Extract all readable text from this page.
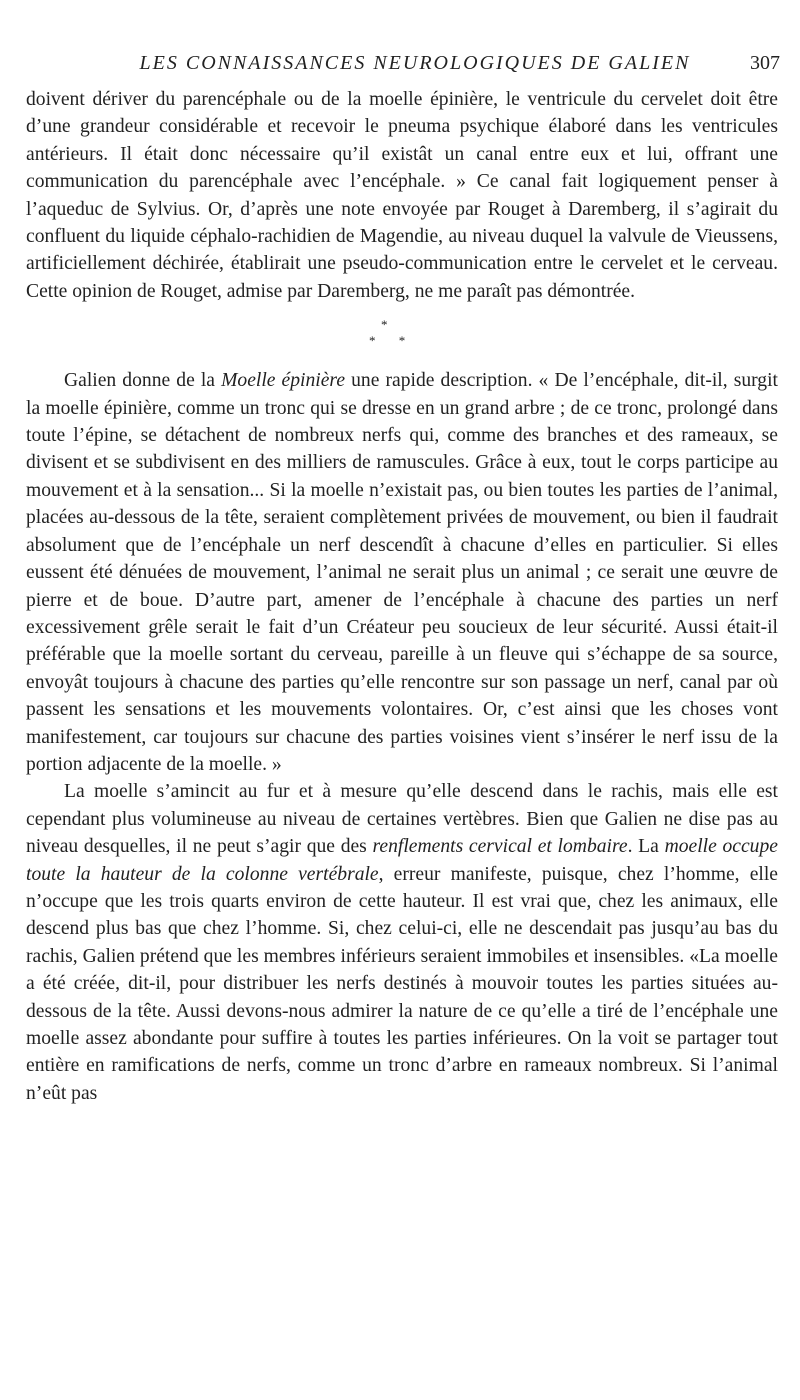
LES CONNAISSANCES NEUROLOGIQUES DE GALIEN	307

doivent dériver du parencéphale ou de la moelle épinière, le ventricule du cervelet doit être d’une grandeur considérable et recevoir le pneuma psychique élaboré dans les ventricules antérieurs. Il était donc nécessaire qu’il existât un canal entre eux et lui, offrant une communication du parencéphale avec l’encéphale. » Ce canal fait logiquement penser à l’aqueduc de Sylvius. Or, d’après une note envoyée par Rouget à Daremberg, il s’agirait du confluent du liquide céphalo-rachidien de Magendie, au niveau duquel la valvule de Vieussens, artificiellement déchirée, établirait une pseudo-communication entre le cervelet et le cerveau. Cette opinion de Rouget, admise par Daremberg, ne me paraît pas démontrée.

*
* *

Galien donne de la Moelle épinière une rapide description. « De l’encéphale, dit-il, surgit la moelle épinière, comme un tronc qui se dresse en un grand arbre ; de ce tronc, prolongé dans toute l’épine, se détachent de nombreux nerfs qui, comme des branches et des rameaux, se divisent et se subdivisent en des milliers de ramuscules. Grâce à eux, tout le corps participe au mouvement et à la sensation... Si la moelle n’existait pas, ou bien toutes les parties de l’animal, placées au-dessous de la tête, seraient complètement privées de mouvement, ou bien il faudrait absolument que de l’encéphale un nerf descendît à chacune d’elles en particulier. Si elles eussent été dénuées de mouvement, l’animal ne serait plus un animal ; ce serait une œuvre de pierre et de boue. D’autre part, amener de l’encéphale à chacune des parties un nerf excessivement grêle serait le fait d’un Créateur peu soucieux de leur sécurité. Aussi était-il préférable que la moelle sortant du cerveau, pareille à un fleuve qui s’échappe de sa source, envoyât toujours à chacune des parties qu’elle rencontre sur son passage un nerf, canal par où passent les sensations et les mouvements volontaires. Or, c’est ainsi que les choses vont manifestement, car toujours sur chacune des parties voisines vient s’insérer le nerf issu de la portion adjacente de la moelle. »

La moelle s’amincit au fur et à mesure qu’elle descend dans le rachis, mais elle est cependant plus volumineuse au niveau de certaines vertèbres. Bien que Galien ne dise pas au niveau desquelles, il ne peut s’agir que des renflements cervical et lombaire. La moelle occupe toute la hauteur de la colonne vertébrale, erreur manifeste, puisque, chez l’homme, elle n’occupe que les trois quarts environ de cette hauteur. Il est vrai que, chez les animaux, elle descend plus bas que chez l’homme. Si, chez celui-ci, elle ne descendait pas jusqu’au bas du rachis, Galien prétend que les membres inférieurs seraient immobiles et insensibles. «La moelle a été créée, dit-il, pour distribuer les nerfs destinés à mouvoir toutes les parties situées au-dessous de la tête. Aussi devons-nous admirer la nature de ce qu’elle a tiré de l’encéphale une moelle assez abondante pour suffire à toutes les parties inférieures. On la voit se partager tout entière en ramifications de nerfs, comme un tronc d’arbre en rameaux nombreux. Si l’animal n’eût pas
